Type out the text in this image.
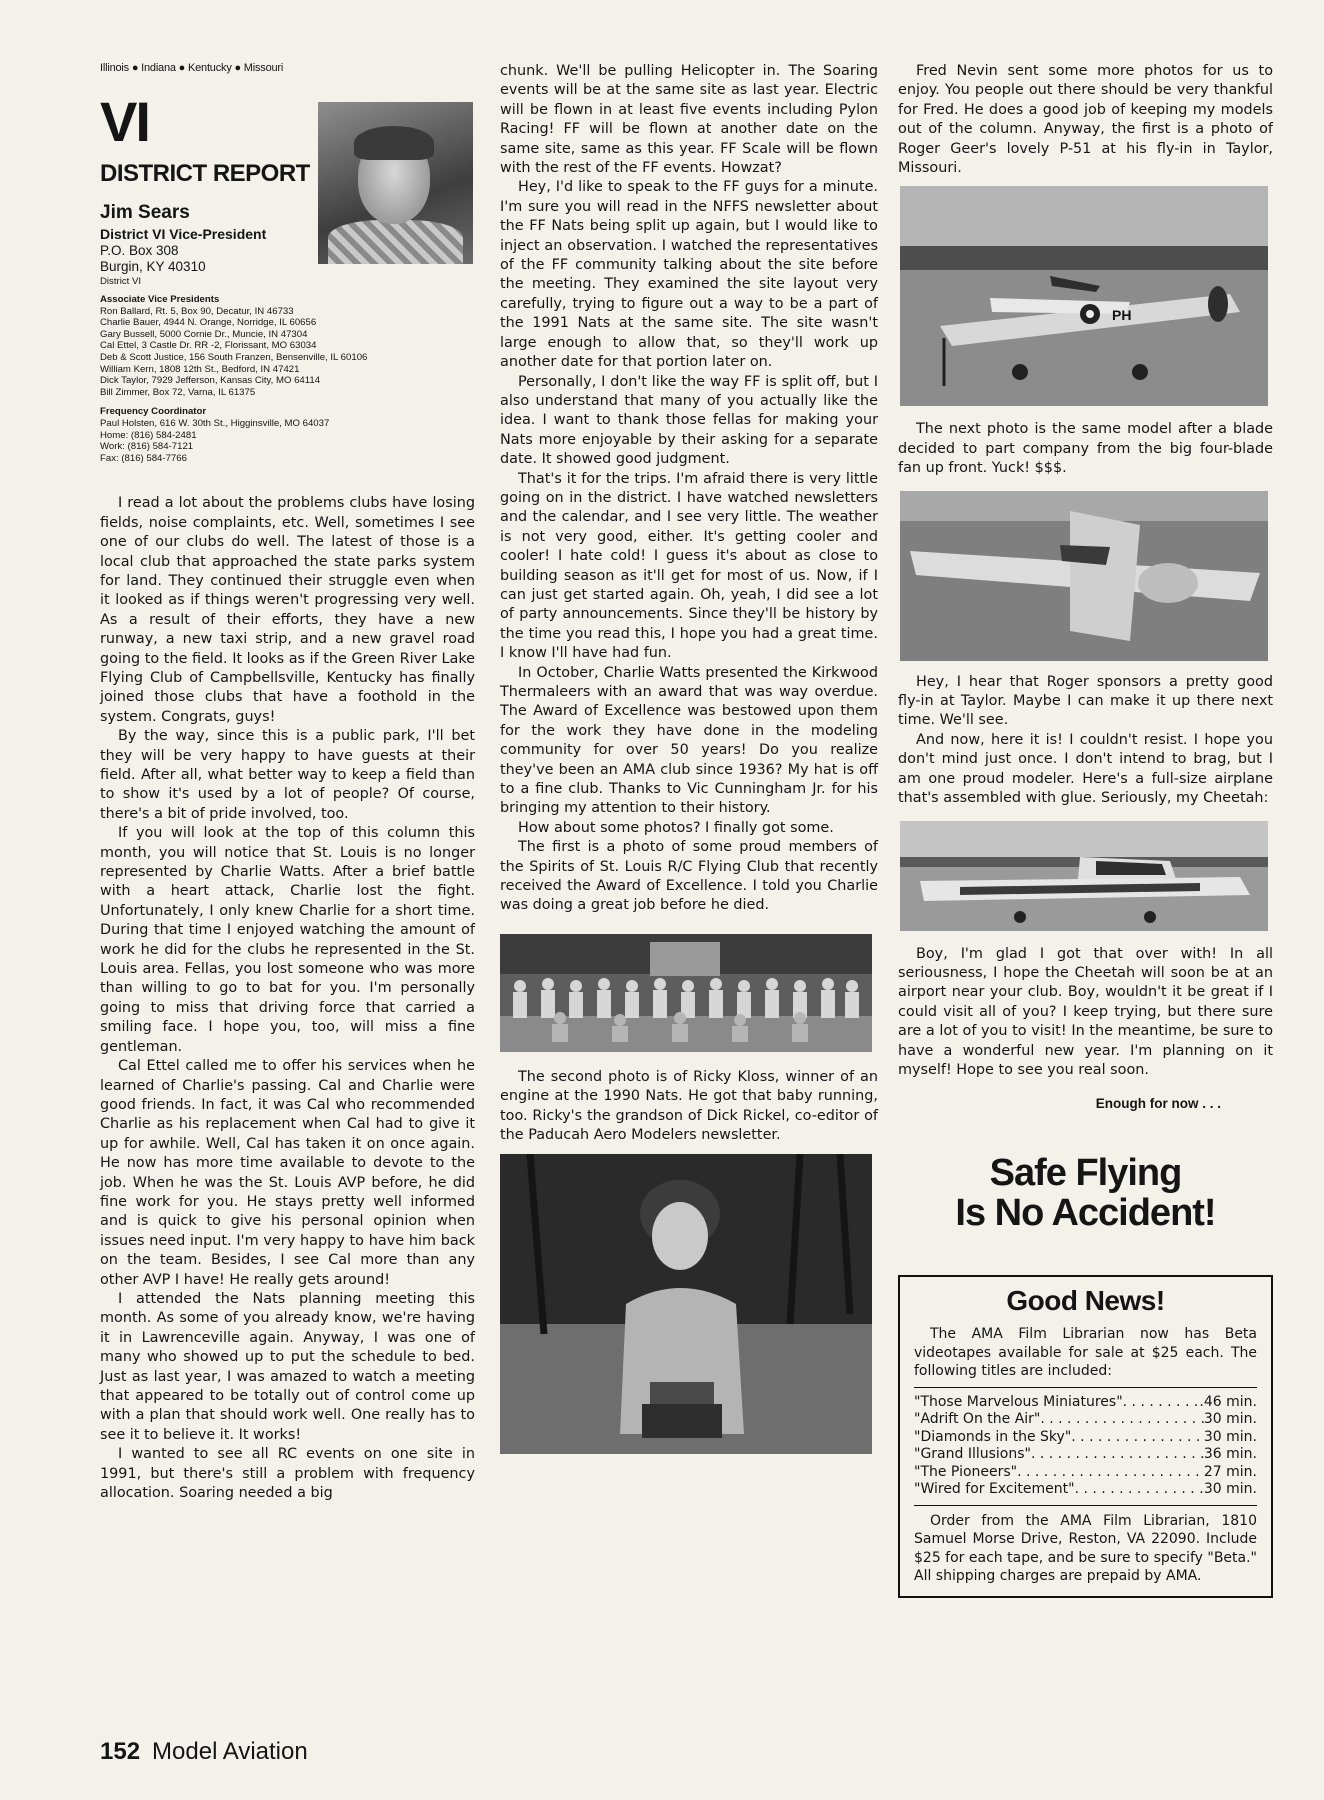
Illinois ● Indiana ● Kentucky ● Missouri

VI
DISTRICT REPORT
Jim Sears
District VI Vice-President
P.O. Box 308
Burgin, KY 40310
District VI

Associate Vice Presidents

Ron Ballard, Rt. 5, Box 90, Decatur, IN 46733

Charlie Bauer, 4944 N. Orange, Norridge, IL 60656

Gary Bussell, 5000 Cornie Dr., Muncie, IN 47304

Cal Ettel, 3 Castle Dr. RR -2, Florissant, MO 63034

Deb & Scott Justice, 156 South Franzen, Bensenville, IL 60106

William Kern, 1808 12th St., Bedford, IN 47421

Dick Taylor, 7929 Jefferson, Kansas City, MO 64114

Bill Zimmer, Box 72, Varna, IL 61375

Frequency Coordinator

Paul Holsten, 616 W. 30th St., Higginsville, MO 64037

Home: (816) 584-2481

Work: (816) 584-7121

Fax: (816) 584-7766

I read a lot about the problems clubs have losing fields, noise complaints, etc. Well, sometimes I see one of our clubs do well. The latest of those is a local club that approached the state parks system for land. They continued their struggle even when it looked as if things weren't progressing very well. As a result of their efforts, they have a new runway, a new taxi strip, and a new gravel road going to the field. It looks as if the Green River Lake Flying Club of Campbellsville, Kentucky has finally joined those clubs that have a foothold in the system. Congrats, guys!

By the way, since this is a public park, I'll bet they will be very happy to have guests at their field. After all, what better way to keep a field than to show it's used by a lot of people? Of course, there's a bit of pride involved, too.

If you will look at the top of this column this month, you will notice that St. Louis is no longer represented by Charlie Watts. After a brief battle with a heart attack, Charlie lost the fight. Unfortunately, I only knew Charlie for a short time. During that time I enjoyed watching the amount of work he did for the clubs he represented in the St. Louis area. Fellas, you lost someone who was more than willing to go to bat for you. I'm personally going to miss that driving force that carried a smiling face. I hope you, too, will miss a fine gentleman.

Cal Ettel called me to offer his services when he learned of Charlie's passing. Cal and Charlie were good friends. In fact, it was Cal who recommended Charlie as his replacement when Cal had to give it up for awhile. Well, Cal has taken it on once again. He now has more time available to devote to the job. When he was the St. Louis AVP before, he did fine work for you. He stays pretty well informed and is quick to give his personal opinion when issues need input. I'm very happy to have him back on the team. Besides, I see Cal more than any other AVP I have! He really gets around!

I attended the Nats planning meeting this month. As some of you already know, we're having it in Lawrenceville again. Anyway, I was one of many who showed up to put the schedule to bed. Just as last year, I was amazed to watch a meeting that appeared to be totally out of control come up with a plan that should work well. One really has to see it to believe it. It works!

I wanted to see all RC events on one site in 1991, but there's still a problem with frequency allocation. Soaring needed a big

chunk. We'll be pulling Helicopter in. The Soaring events will be at the same site as last year. Electric will be flown in at least five events including Pylon Racing! FF will be flown at another date on the same site, same as this year. FF Scale will be flown with the rest of the FF events. Howzat?

Hey, I'd like to speak to the FF guys for a minute. I'm sure you will read in the NFFS newsletter about the FF Nats being split up again, but I would like to inject an observation. I watched the representatives of the FF community talking about the site before the meeting. They examined the site layout very carefully, trying to figure out a way to be a part of the 1991 Nats at the same site. The site wasn't large enough to allow that, so they'll work up another date for that portion later on.

Personally, I don't like the way FF is split off, but I also understand that many of you actually like the idea. I want to thank those fellas for making your Nats more enjoyable by their asking for a separate date. It showed good judgment.

That's it for the trips. I'm afraid there is very little going on in the district. I have watched newsletters and the calendar, and I see very little. The weather is not very good, either. It's getting cooler and cooler! I hate cold! I guess it's about as close to building season as it'll get for most of us. Now, if I can just get started again. Oh, yeah, I did see a lot of party announcements. Since they'll be history by the time you read this, I hope you had a great time. I know I'll have had fun.

In October, Charlie Watts presented the Kirkwood Thermaleers with an award that was way overdue. The Award of Excellence was bestowed upon them for the work they have done in the modeling community for over 50 years! Do you realize they've been an AMA club since 1936? My hat is off to a fine club. Thanks to Vic Cunningham Jr. for his bringing my attention to their history.

How about some photos? I finally got some.

The first is a photo of some proud members of the Spirits of St. Louis R/C Flying Club that recently received the Award of Excellence. I told you Charlie was doing a great job before he died.

The second photo is of Ricky Kloss, winner of an engine at the 1990 Nats. He got that baby running, too. Ricky's the grandson of Dick Rickel, co-editor of the Paducah Aero Modelers newsletter.

Fred Nevin sent some more photos for us to enjoy. You people out there should be very thankful for Fred. He does a good job of keeping my models out of the column. Anyway, the first is a photo of Roger Geer's lovely P-51 at his fly-in in Taylor, Missouri.

PH

The next photo is the same model after a blade decided to part company from the big four-blade fan up front. Yuck! $$$.

Hey, I hear that Roger sponsors a pretty good fly-in at Taylor. Maybe I can make it up there next time. We'll see.

And now, here it is! I couldn't resist. I hope you don't mind just once. I don't intend to brag, but I am one proud modeler. Here's a full-size airplane that's assembled with glue. Seriously, my Cheetah:

Boy, I'm glad I got that over with! In all seriousness, I hope the Cheetah will soon be at an airport near your club. Boy, wouldn't it be great if I could visit all of you? I keep trying, but there sure are a lot of you to visit! In the meantime, be sure to have a wonderful new year. I'm planning on it myself! Hope to see you real soon.

Enough for now . . .

Safe Flying

Is No Accident!

Good News!

The AMA Film Librarian now has Beta videotapes available for sale at $25 each. The following titles are included:

"Those Marvelous Miniatures" . . .	.46 min.
"Adrift On the Air" . . .	30 min.
"Diamonds in the Sky" . . .	30 min.
"Grand Illusions" . . .	36 min.
"The Pioneers" . . .	27 min.
"Wired for Excitement" . . .	30 min.

Order from the AMA Film Librarian, 1810 Samuel Morse Drive, Reston, VA 22090. Include $25 for each tape, and be sure to specify "Beta." All shipping charges are prepaid by AMA.

152 Model Aviation
